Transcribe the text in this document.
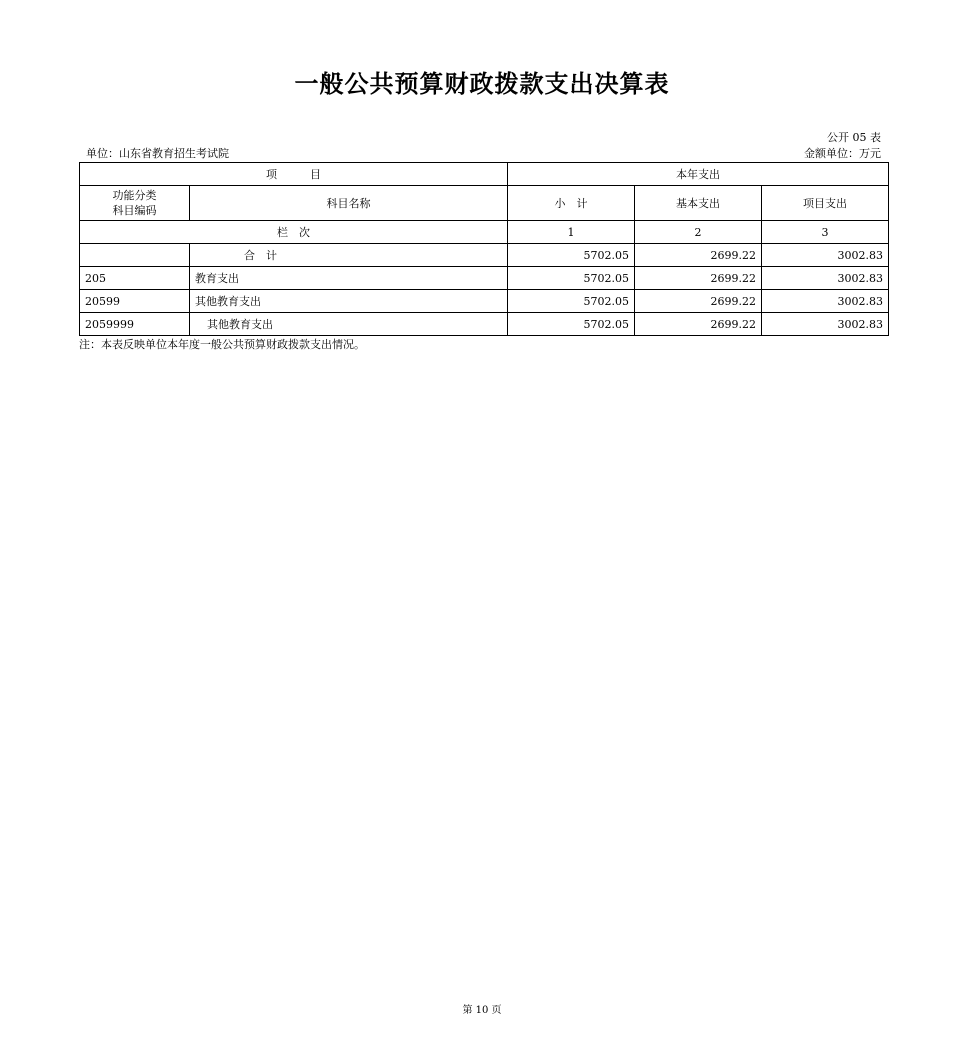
一般公共预算财政拨款支出决算表
公开 05 表
单位：山东省教育招生考试院	金额单位：万元
项　　　目		本年支出		
功能分类
科目编码	科目名称	小　计	基本支出	项目支出
栏　次		1	2	3
	合　计	5702.05	2699.22	3002.83
205	教育支出	5702.05	2699.22	3002.83
20599	其他教育支出	5702.05	2699.22	3002.83
2059999	其他教育支出	5702.05	2699.22	3002.83
注：本表反映单位本年度一般公共预算财政拨款支出情况。
第 10 页
